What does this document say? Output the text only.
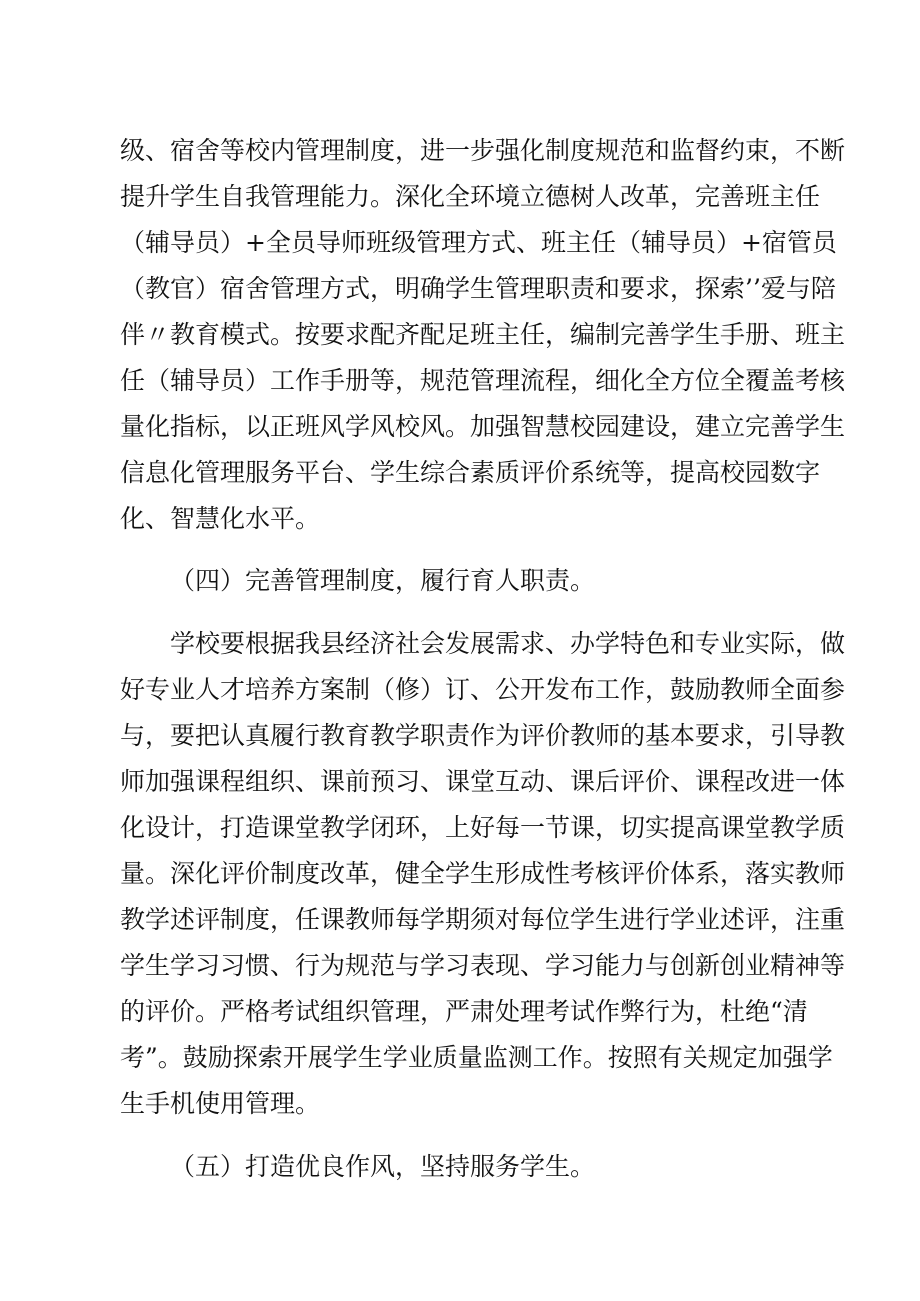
级、宿舍等校内管理制度，进一步强化制度规范和监督约束，不断
提升学生自我管理能力。深化全环境立德树人改革，完善班主任
（辅导员）+全员导师班级管理方式、班主任（辅导员）+宿管员
（教官）宿舍管理方式，明确学生管理职责和要求，探索’’爱与陪
伴〃教育模式。按要求配齐配足班主任，编制完善学生手册、班主
任（辅导员）工作手册等，规范管理流程，细化全方位全覆盖考核
量化指标，以正班风学风校风。加强智慧校园建设，建立完善学生
信息化管理服务平台、学生综合素质评价系统等，提高校园数字
化、智慧化水平。

（四）完善管理制度，履行育人职责。

学校要根据我县经济社会发展需求、办学特色和专业实际，做
好专业人才培养方案制（修）订、公开发布工作，鼓励教师全面参
与，要把认真履行教育教学职责作为评价教师的基本要求，引导教
师加强课程组织、课前预习、课堂互动、课后评价、课程改进一体
化设计，打造课堂教学闭环，上好每一节课，切实提高课堂教学质
量。深化评价制度改革，健全学生形成性考核评价体系，落实教师
教学述评制度，任课教师每学期须对每位学生进行学业述评，注重
学生学习习惯、行为规范与学习表现、学习能力与创新创业精神等
的评价。严格考试组织管理，严肃处理考试作弊行为，杜绝“清
考”。鼓励探索开展学生学业质量监测工作。按照有关规定加强学
生手机使用管理。

（五）打造优良作风，坚持服务学生。
